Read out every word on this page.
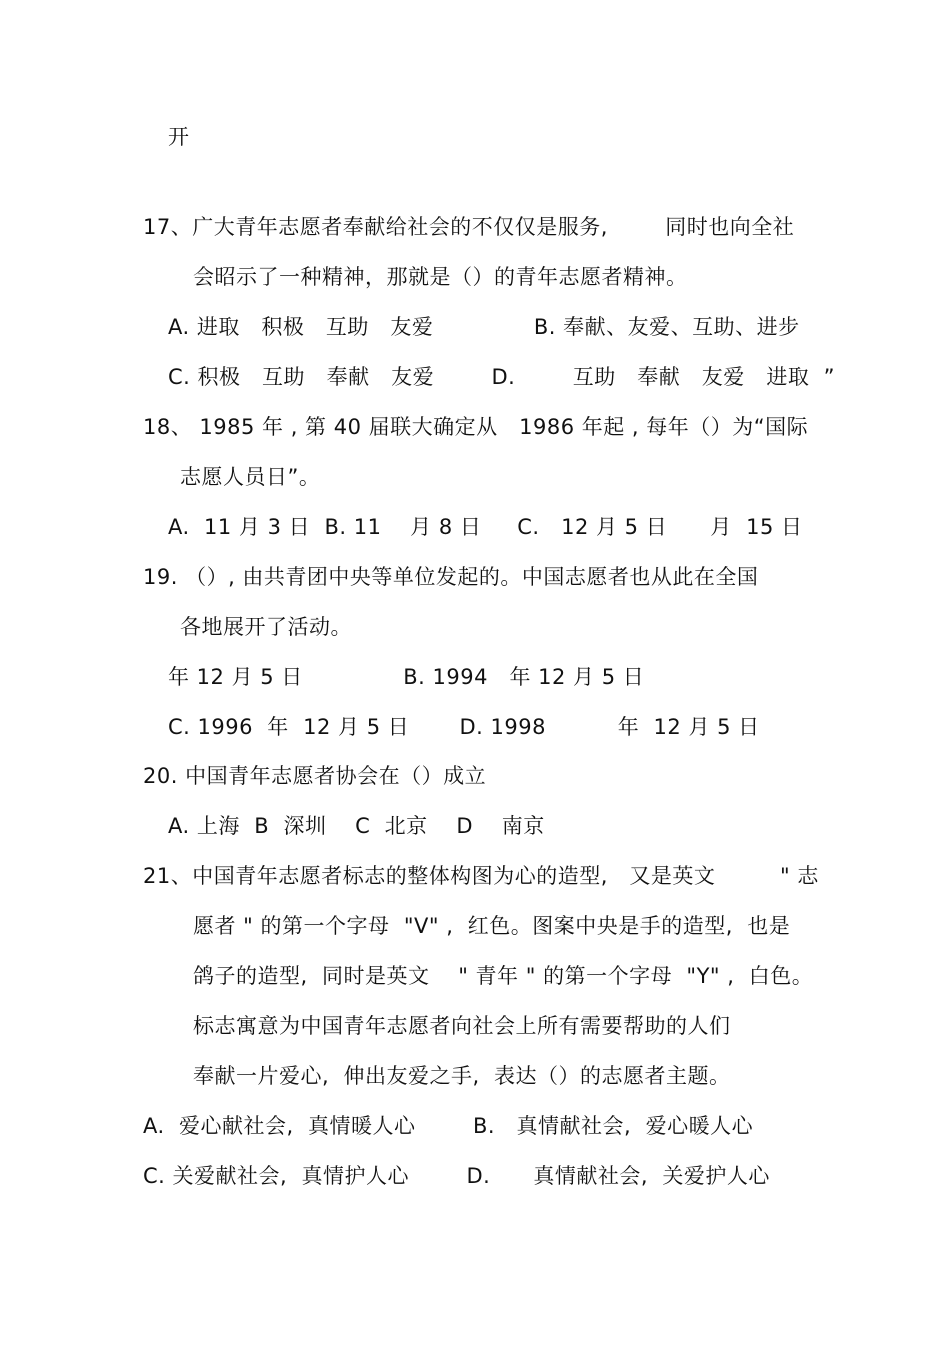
开
17、广大青年志愿者奉献给社会的不仅仅是服务,        同时也向全社
会昭示了一种精神，那就是（）的青年志愿者精神。
A. 进取   积极   互助   友爱              B. 奉献、友爱、互助、进步
C. 积极   互助   奉献   友爱        D.        互助   奉献   友爱   进取  ”
18、 1985 年 , 第 40 届联大确定从   1986 年起 , 每年（）为“国际
志愿人员日”。
A.  11 月 3 日  B. 11    月 8 日     C.   12 月 5 日      月  15 日
19. （）, 由共青团中央等单位发起的。中国志愿者也从此在全国
各地展开了活动。
年 12 月 5 日              B. 1994   年 12 月 5 日
C. 1996  年  12 月 5 日       D. 1998          年  12 月 5 日
20. 中国青年志愿者协会在（）成立
A. 上海  B  深圳    C  北京    D    南京
21、中国青年志愿者标志的整体构图为心的造型,   又是英文         " 志
愿者 " 的第一个字母  "V" ,  红色。图案中央是手的造型,  也是
鸽子的造型,  同时是英文    " 青年 " 的第一个字母  "Y" ,  白色。
标志寓意为中国青年志愿者向社会上所有需要帮助的人们
奉献一片爱心,  伸出友爱之手,  表达（）的志愿者主题。
A.  爱心献社会,  真情暖人心        B.   真情献社会,  爱心暖人心
C. 关爱献社会,  真情护人心        D.      真情献社会,  关爱护人心
